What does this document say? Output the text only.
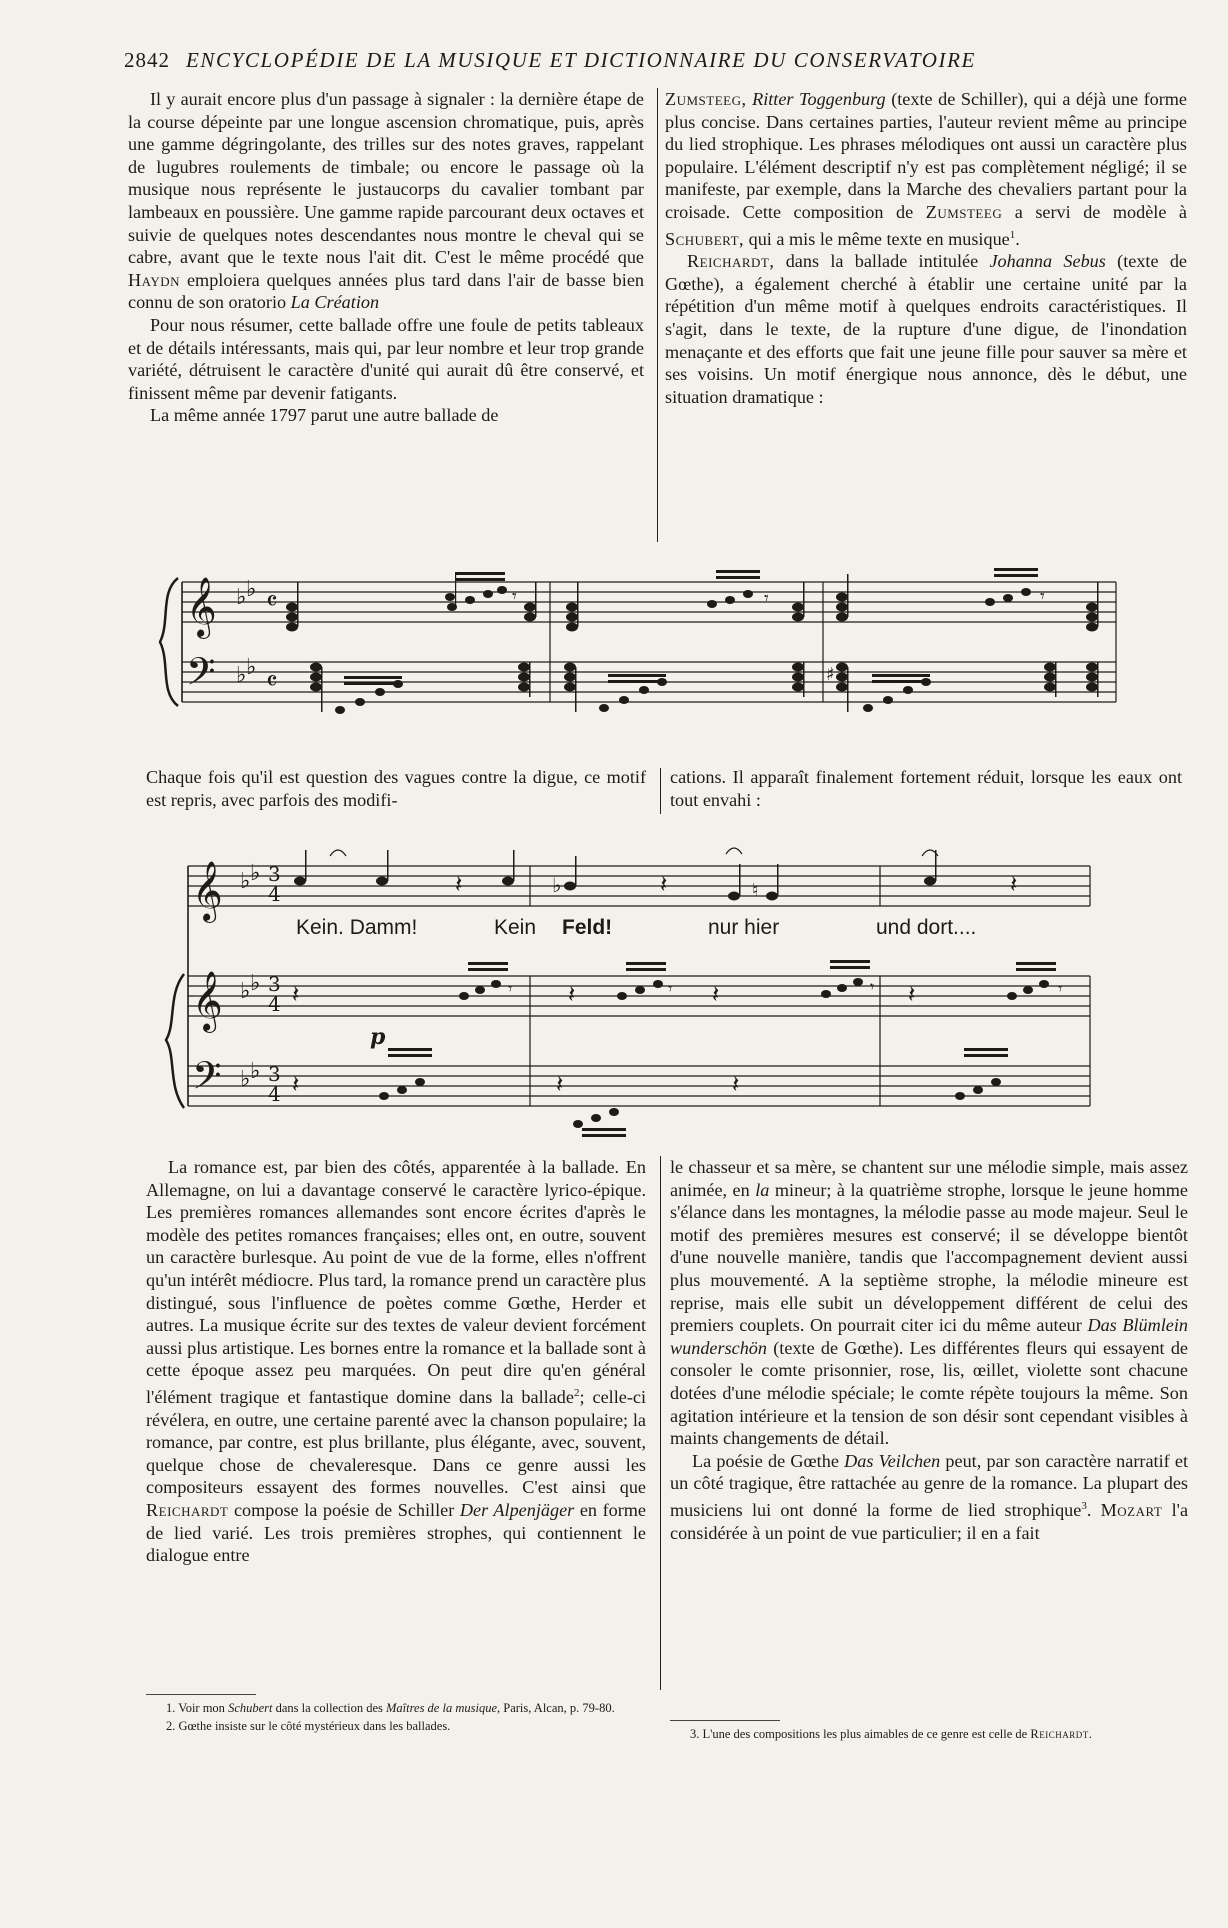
2842 ENCYCLOPÉDIE DE LA MUSIQUE ET DICTIONNAIRE DU CONSERVATOIRE

Il y aurait encore plus d'un passage à signaler : la dernière étape de la course dépeinte par une longue ascension chromatique, puis, après une gamme dégringolante, des trilles sur des notes graves, rappelant de lugubres roulements de timbale; ou encore le passage où la musique nous représente le justaucorps du cavalier tombant par lambeaux en poussière. Une gamme rapide parcourant deux octaves et suivie de quelques notes descendantes nous montre le cheval qui se cabre, avant que le texte nous l'ait dit. C'est le même procédé que Haydn emploiera quelques années plus tard dans l'air de basse bien connu de son oratorio La Création

Pour nous résumer, cette ballade offre une foule de petits tableaux et de détails intéressants, mais qui, par leur nombre et leur trop grande variété, détruisent le caractère d'unité qui aurait dû être conservé, et finissent même par devenir fatigants.

La même année 1797 parut une autre ballade de

Zumsteeg, Ritter Toggenburg (texte de Schiller), qui a déjà une forme plus concise. Dans certaines parties, l'auteur revient même au principe du lied strophique. Les phrases mélodiques ont aussi un caractère plus populaire. L'élément descriptif n'y est pas complètement négligé; il se manifeste, par exemple, dans la Marche des chevaliers partant pour la croisade. Cette composition de Zumsteeg a servi de modèle à Schubert, qui a mis le même texte en musique$^1$.

Reichardt, dans la ballade intitulée Johanna Sebus (texte de Gœthe), a également cherché à établir une certaine unité par la répétition d'un même motif à quelques endroits caractéristiques. Il s'agit, dans le texte, de la rupture d'une digue, de l'inondation menaçante et des efforts que fait une jeune fille pour sauver sa mère et ses voisins. Un motif énergique nous annonce, dès le début, une situation dramatique :

𝄞
𝄢
♭ ♭
♭ ♭
𝄴
𝄴
𝄾	𝄾	𝄾
♯

Chaque fois qu'il est question des vagues contre la digue, ce motif est repris, avec parfois des modifi-

cations. Il apparaît finalement fortement réduit, lorsque les eaux ont tout envahi :

𝄞 ♭ ♭ 3
4
𝄞 ♭ ♭ 3
4
𝄢 ♭ ♭ 3
4
𝄽	♭	𝄽	♮	𝄽
𝄽	𝄾 𝄽	𝄾 𝄽	𝄾 𝄽	𝄾
𝄽	𝄽	𝄽
Kein. Damm!	Kein Feld!	nur hier	und dort....
p

La romance est, par bien des côtés, apparentée à la ballade. En Allemagne, on lui a davantage conservé le caractère lyrico-épique. Les premières romances allemandes sont encore écrites d'après le modèle des petites romances françaises; elles ont, en outre, souvent un caractère burlesque. Au point de vue de la forme, elles n'offrent qu'un intérêt médiocre. Plus tard, la romance prend un caractère plus distingué, sous l'influence de poètes comme Gœthe, Herder et autres. La musique écrite sur des textes de valeur devient forcément aussi plus artistique. Les bornes entre la romance et la ballade sont à cette époque assez peu marquées. On peut dire qu'en général l'élément tragique et fantastique domine dans la ballade$^2$; celle-ci révélera, en outre, une certaine parenté avec la chanson populaire; la romance, par contre, est plus brillante, plus élégante, avec, souvent, quelque chose de chevaleresque. Dans ce genre aussi les compositeurs essayent des formes nouvelles. C'est ainsi que Reichardt compose la poésie de Schiller Der Alpenjäger en forme de lied varié. Les trois premières strophes, qui contiennent le dialogue entre

le chasseur et sa mère, se chantent sur une mélodie simple, mais assez animée, en la mineur; à la quatrième strophe, lorsque le jeune homme s'élance dans les montagnes, la mélodie passe au mode majeur. Seul le motif des premières mesures est conservé; il se développe bientôt d'une nouvelle manière, tandis que l'accompagnement devient aussi plus mouvementé. A la septième strophe, la mélodie mineure est reprise, mais elle subit un développement différent de celui des premiers couplets. On pourrait citer ici du même auteur Das Blümlein wunderschön (texte de Gœthe). Les différentes fleurs qui essayent de consoler le comte prisonnier, rose, lis, œillet, violette sont chacune dotées d'une mélodie spéciale; le comte répète toujours la même. Son agitation intérieure et la tension de son désir sont cependant visibles à maints changements de détail.

La poésie de Gœthe Das Veilchen peut, par son caractère narratif et un côté tragique, être rattachée au genre de la romance. La plupart des musiciens lui ont donné la forme de lied strophique$^3$. Mozart l'a considérée à un point de vue particulier; il en a fait

1. Voir mon Schubert dans la collection des Maîtres de la musique, Paris, Alcan, p. 79-80.

2. Gœthe insiste sur le côté mystérieux dans les ballades.

3. L'une des compositions les plus aimables de ce genre est celle de Reichardt.
